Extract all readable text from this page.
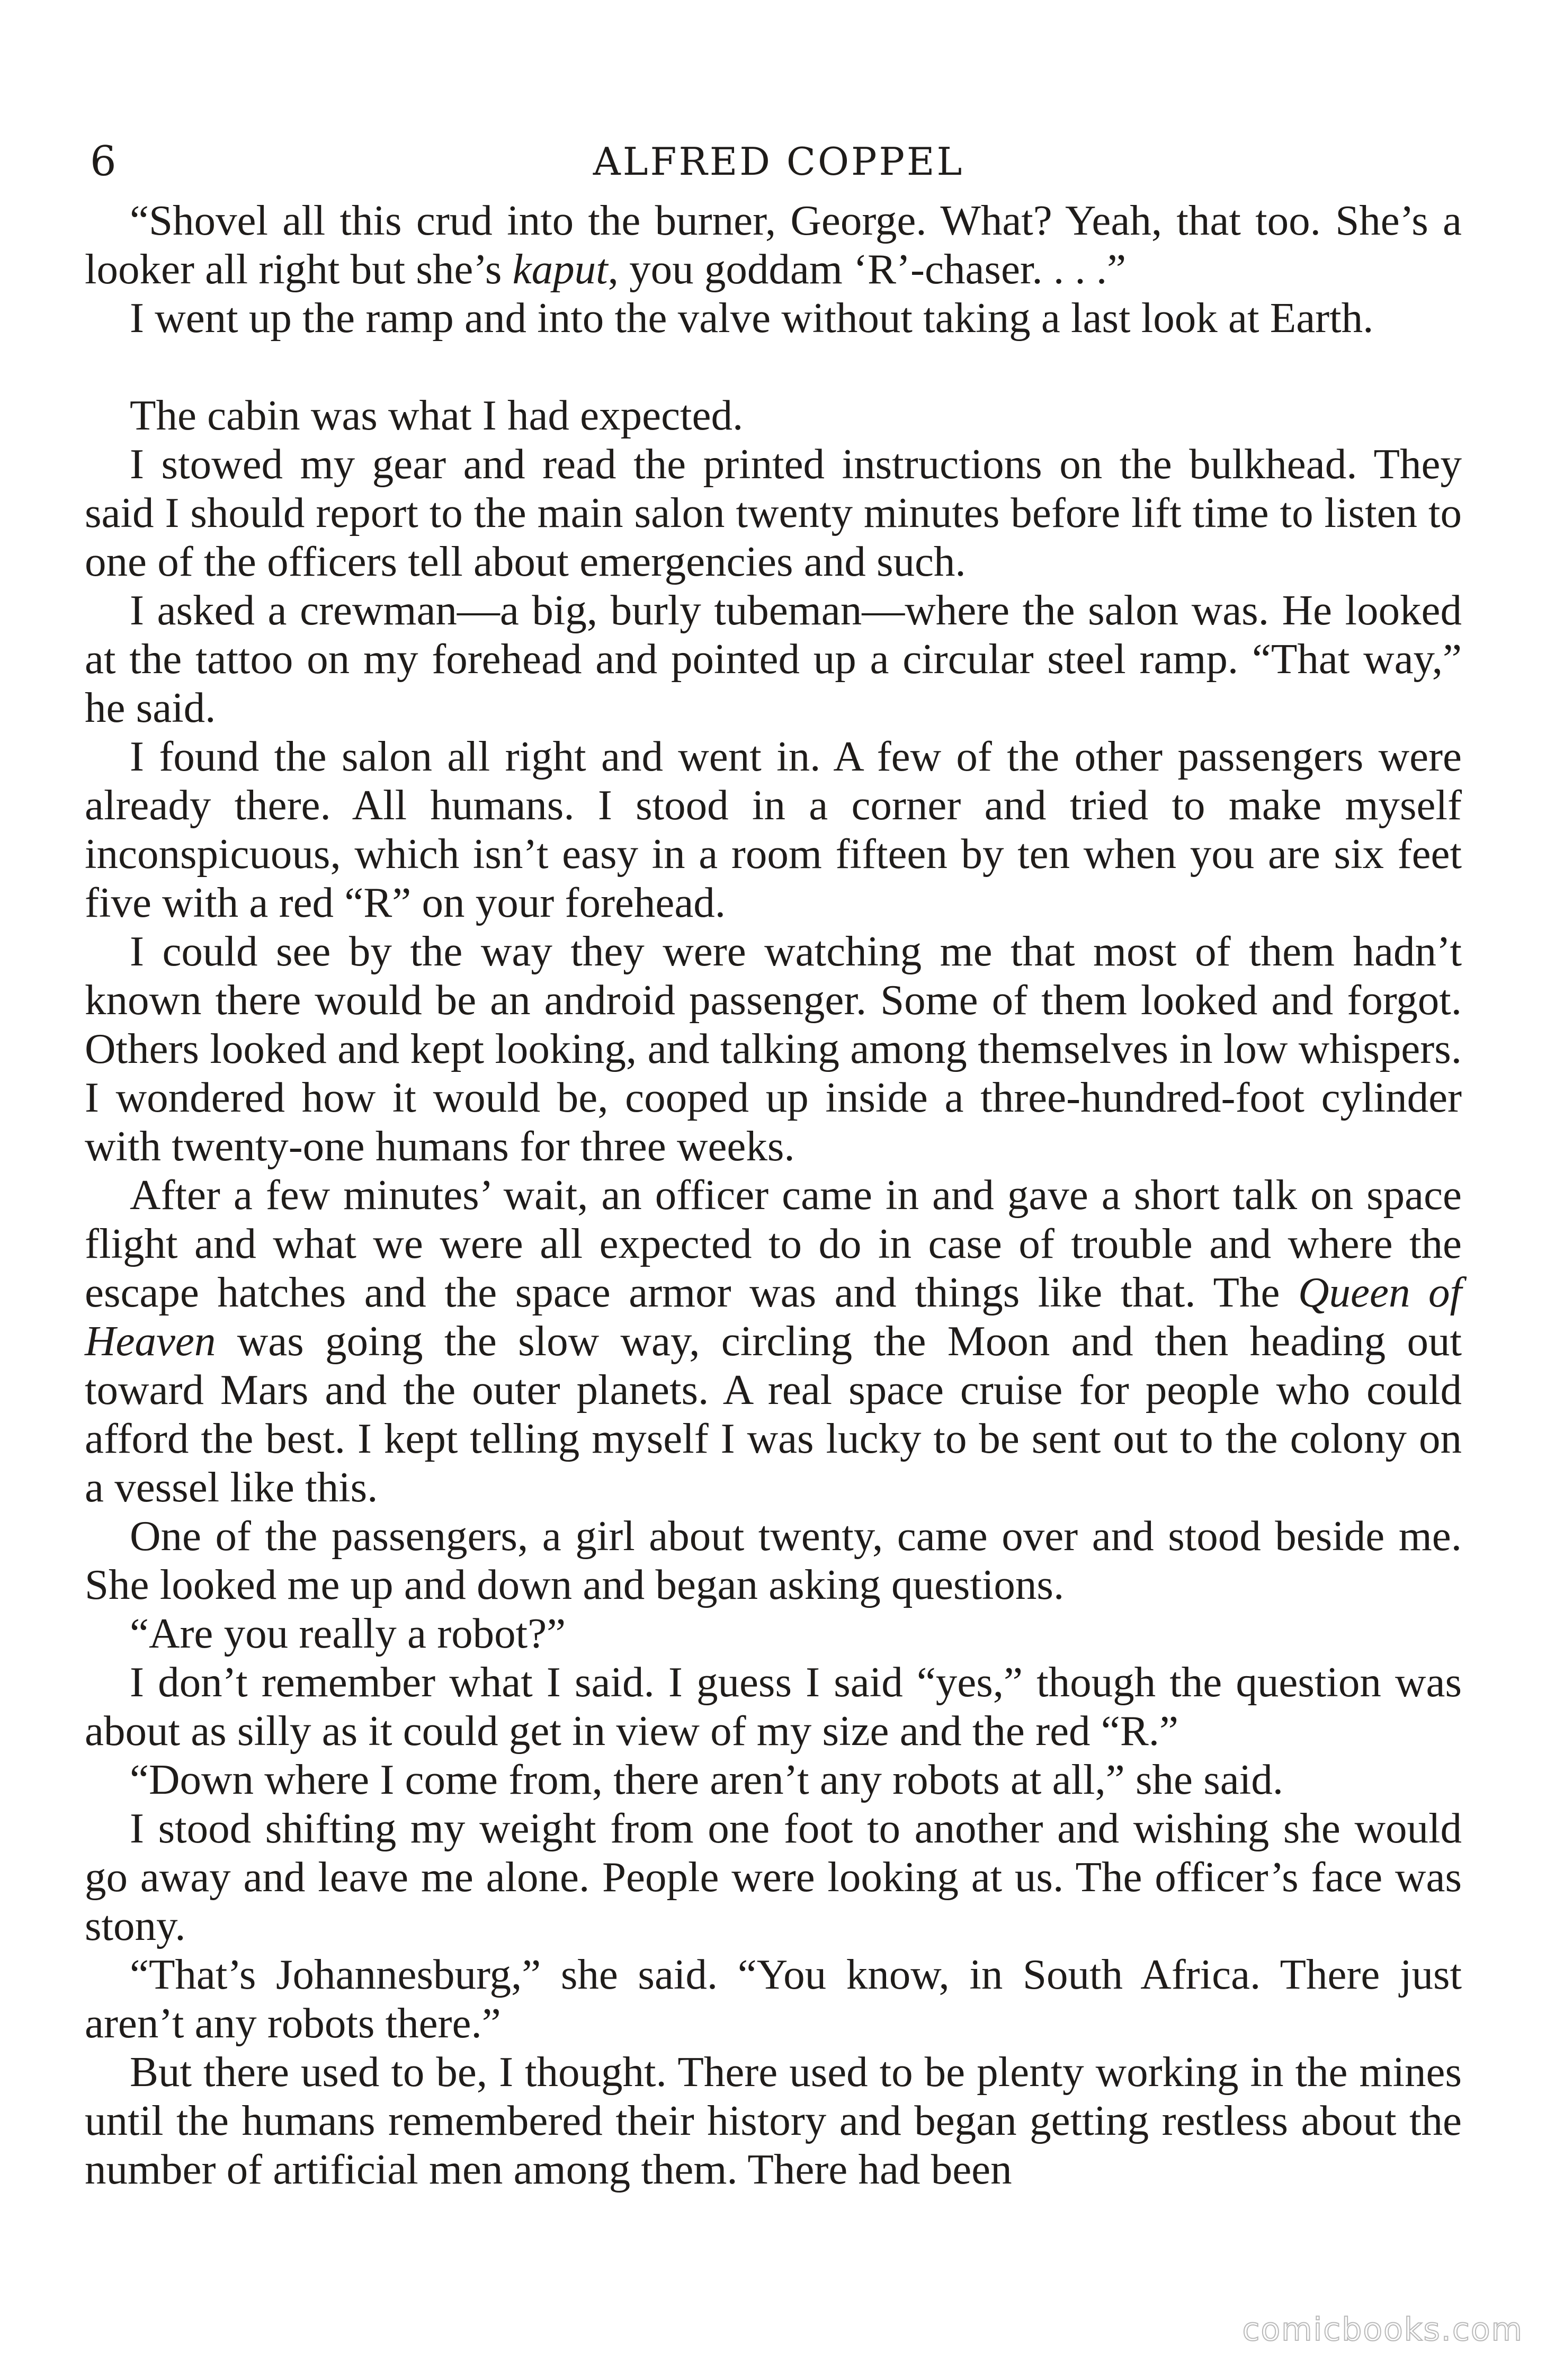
6	ALFRED COPPEL

“Shovel all this crud into the burner, George. What? Yeah, that too. She’s a looker all right but she’s kaput, you goddam ‘R’-chaser. . . .”

I went up the ramp and into the valve without taking a last look at Earth.

The cabin was what I had expected.

I stowed my gear and read the printed instructions on the bulkhead. They said I should report to the main salon twenty minutes before lift time to listen to one of the officers tell about emergencies and such.

I asked a crewman—a big, burly tubeman—where the salon was. He looked at the tattoo on my forehead and pointed up a circular steel ramp. “That way,” he said.

I found the salon all right and went in. A few of the other passengers were already there. All humans. I stood in a corner and tried to make myself inconspicuous, which isn’t easy in a room fifteen by ten when you are six feet five with a red “R” on your forehead.

I could see by the way they were watching me that most of them hadn’t known there would be an android passenger. Some of them looked and forgot. Others looked and kept looking, and talking among themselves in low whispers. I wondered how it would be, cooped up inside a three-hundred-foot cylinder with twenty-one humans for three weeks.

After a few minutes’ wait, an officer came in and gave a short talk on space flight and what we were all expected to do in case of trouble and where the escape hatches and the space armor was and things like that. The Queen of Heaven was going the slow way, circling the Moon and then heading out toward Mars and the outer planets. A real space cruise for people who could afford the best. I kept telling myself I was lucky to be sent out to the colony on a vessel like this.

One of the passengers, a girl about twenty, came over and stood beside me. She looked me up and down and began asking questions.

“Are you really a robot?”

I don’t remember what I said. I guess I said “yes,” though the question was about as silly as it could get in view of my size and the red “R.”

“Down where I come from, there aren’t any robots at all,” she said.

I stood shifting my weight from one foot to another and wishing she would go away and leave me alone. People were looking at us. The officer’s face was stony.

“That’s Johannesburg,” she said. “You know, in South Africa. There just aren’t any robots there.”

But there used to be, I thought. There used to be plenty working in the mines until the humans remembered their history and began getting restless about the number of artificial men among them. There had been

comicbooks.com
